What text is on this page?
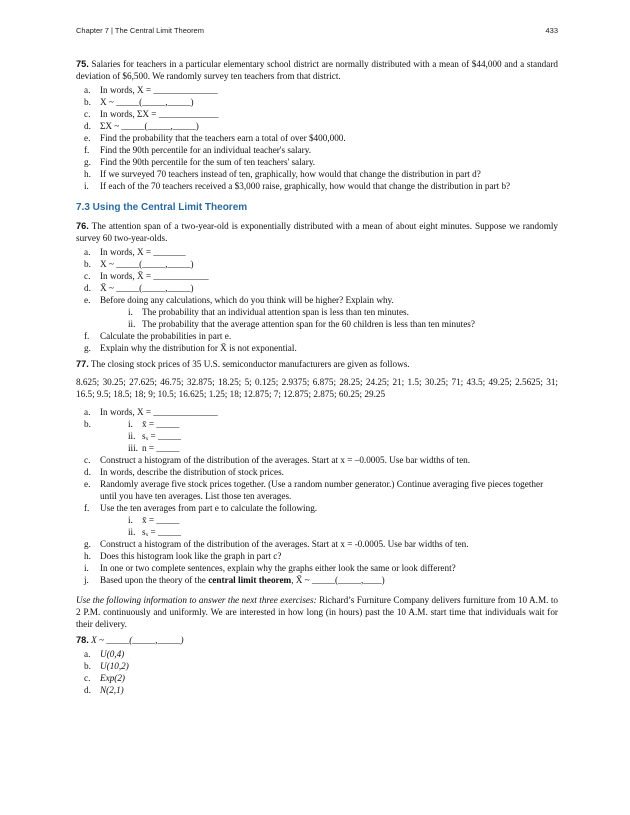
Chapter 7 | The Central Limit Theorem	433

75. Salaries for teachers in a particular elementary school district are normally distributed with a mean of $44,000 and a standard deviation of $6,500. We randomly survey ten teachers from that district.

a. In words, X = ______________
b. X ~ _____(_____,_____)
c. In words, ΣX = _____________
d. ΣX ~ _____(_____,_____)
e. Find the probability that the teachers earn a total of over $400,000.
f. Find the 90th percentile for an individual teacher's salary.
g. Find the 90th percentile for the sum of ten teachers' salary.
h. If we surveyed 70 teachers instead of ten, graphically, how would that change the distribution in part d?
i. If each of the 70 teachers received a $3,000 raise, graphically, how would that change the distribution in part b?
7.3 Using the Central Limit Theorem

76. The attention span of a two-year-old is exponentially distributed with a mean of about eight minutes. Suppose we randomly survey 60 two-year-olds.

a. In words, X = _______
b. X ~ _____(_____,_____)
c. In words, X̄ = ____________
d. X̄ ~ _____(_____,_____)
e. Before doing any calculations, which do you think will be higher? Explain why.
i. The probability that an individual attention span is less than ten minutes.
ii. The probability that the average attention span for the 60 children is less than ten minutes?
f. Calculate the probabilities in part e.
g. Explain why the distribution for X̄ is not exponential.

77. The closing stock prices of 35 U.S. semiconductor manufacturers are given as follows.

8.625; 30.25; 27.625; 46.75; 32.875; 18.25; 5; 0.125; 2.9375; 6.875; 28.25; 24.25; 21; 1.5; 30.25; 71; 43.5; 49.25; 2.5625; 31; 16.5; 9.5; 18.5; 18; 9; 10.5; 16.625; 1.25; 18; 12.875; 7; 12.875; 2.875; 60.25; 29.25

a. In words, X = ______________
b.	i. x̄ = _____
ii. sₓ = _____
iii. n = _____
c. Construct a histogram of the distribution of the averages. Start at x = –0.0005. Use bar widths of ten.
d. In words, describe the distribution of stock prices.
e. Randomly average five stock prices together. (Use a random number generator.) Continue averaging five pieces together until you have ten averages. List those ten averages.
f. Use the ten averages from part e to calculate the following.
i. x̄ = _____
ii. sₓ = _____
g. Construct a histogram of the distribution of the averages. Start at x = -0.0005. Use bar widths of ten.
h. Does this histogram look like the graph in part c?
i. In one or two complete sentences, explain why the graphs either look the same or look different?
j. Based upon the theory of the central limit theorem, X̄ ~ _____(_____,____)

Use the following information to answer the next three exercises: Richard’s Furniture Company delivers furniture from 10 A.M. to 2 P.M. continuously and uniformly. We are interested in how long (in hours) past the 10 A.M. start time that individuals wait for their delivery.

78. X ~ _____(_____,_____)

a. U(0,4)
b. U(10,2)
c. Exp(2)
d. N(2,1)
